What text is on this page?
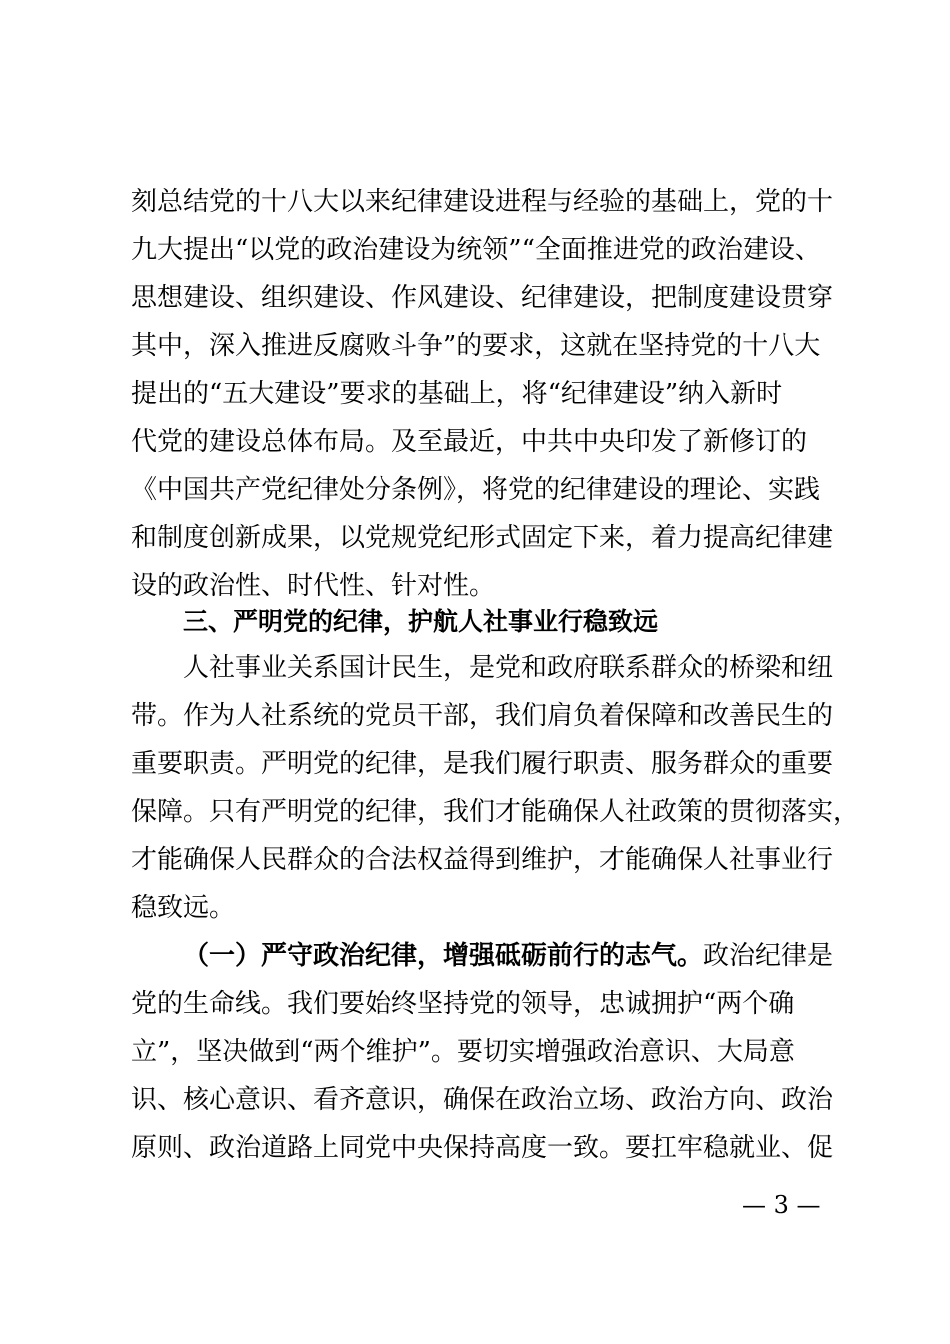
刻总结党的十八大以来纪律建设进程与经验的基础上，党的十
九大提出“以党的政治建设为统领”“全面推进党的政治建设、
思想建设、组织建设、作风建设、纪律建设，把制度建设贯穿
其中，深入推进反腐败斗争”的要求，这就在坚持党的十八大
提出的“五大建设”要求的基础上，将“纪律建设”纳入新时
代党的建设总体布局。及至最近，中共中央印发了新修订的
《中国共产党纪律处分条例》，将党的纪律建设的理论、实践
和制度创新成果，以党规党纪形式固定下来，着力提高纪律建
设的政治性、时代性、针对性。
三、严明党的纪律，护航人社事业行稳致远
人社事业关系国计民生，是党和政府联系群众的桥梁和纽
带。作为人社系统的党员干部，我们肩负着保障和改善民生的
重要职责。严明党的纪律，是我们履行职责、服务群众的重要
保障。只有严明党的纪律，我们才能确保人社政策的贯彻落实，
才能确保人民群众的合法权益得到维护，才能确保人社事业行
稳致远。
（一）严守政治纪律，增强砥砺前行的志气。政治纪律是
党的生命线。我们要始终坚持党的领导，忠诚拥护“两个确
立”，坚决做到“两个维护”。要切实增强政治意识、大局意
识、核心意识、看齐意识，确保在政治立场、政治方向、政治
原则、政治道路上同党中央保持高度一致。要扛牢稳就业、促
— 3 —
